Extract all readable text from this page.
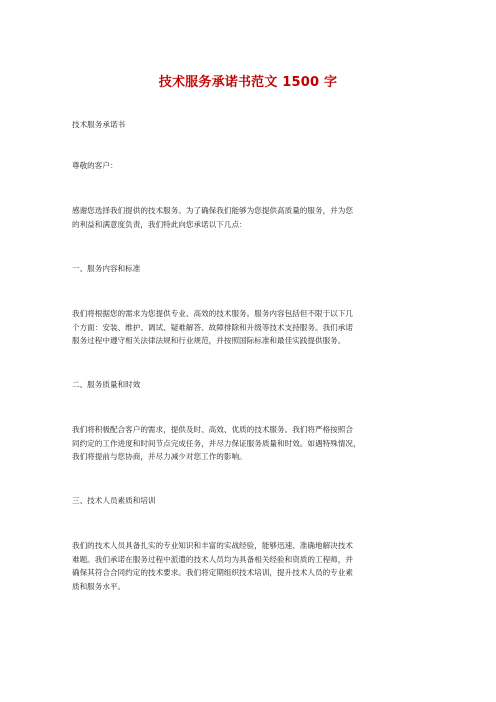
技术服务承诺书范文 1500 字
技术服务承诺书
尊敬的客户：
感谢您选择我们提供的技术服务。为了确保我们能够为您提供高质量的服务，并为您
的利益和满意度负责，我们特此向您承诺以下几点：
一、服务内容和标准
我们将根据您的需求为您提供专业、高效的技术服务。服务内容包括但不限于以下几
个方面：安装、维护、调试、疑难解答、故障排除和升级等技术支持服务。我们承诺
服务过程中遵守相关法律法规和行业规范，并按照国际标准和最佳实践提供服务。
二、服务质量和时效
我们将积极配合客户的需求，提供及时、高效、优质的技术服务。我们将严格按照合
同约定的工作进度和时间节点完成任务，并尽力保证服务质量和时效。如遇特殊情况，
我们将提前与您协商，并尽力减少对您工作的影响。
三、技术人员素质和培训
我们的技术人员具备扎实的专业知识和丰富的实战经验，能够迅速、准确地解决技术
难题。我们承诺在服务过程中派遣的技术人员均为具备相关经验和资质的工程师，并
确保其符合合同约定的技术要求。我们将定期组织技术培训，提升技术人员的专业素
质和服务水平。
